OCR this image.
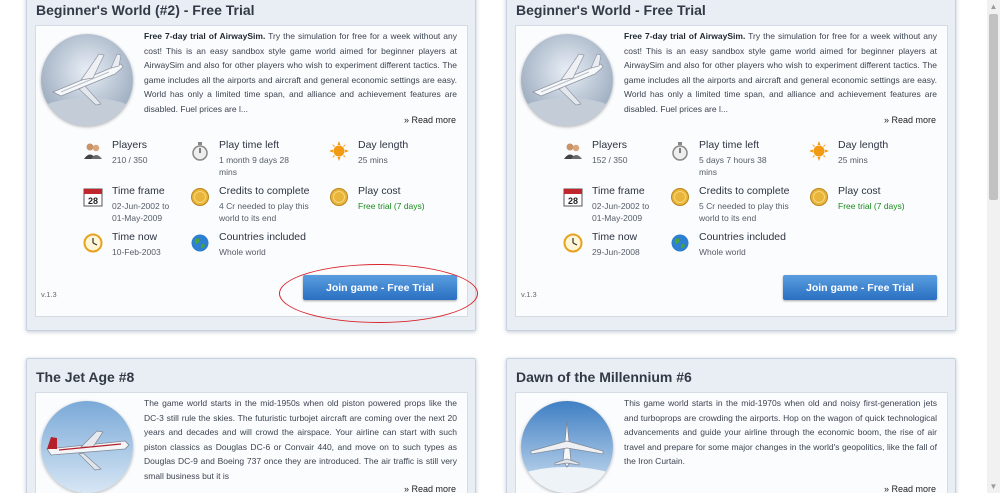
Beginner's World (#2) - Free Trial
Free 7-day trial of AirwaySim. Try the simulation for free for a week without any cost! This is an easy sandbox style game world aimed for beginner players at AirwaySim and also for other players who wish to experiment different tactics. The game includes all the airports and aircraft and general economic settings are easy. World has only a limited time span, and alliance and achievement features are disabled. Fuel prices are l...
» Read more
Players
210 / 350
Play time left
1 month 9 days 28 mins
Day length
25 mins
28
Time frame
02-Jun-2002 to 01-May-2009
Credits to complete
4 Cr needed to play this world to its end
Play cost
Free trial (7 days)
Time now
10-Feb-2003
Countries included
Whole world
v.1.3
Join game - Free Trial
Beginner's World - Free Trial
Free 7-day trial of AirwaySim. Try the simulation for free for a week without any cost! This is an easy sandbox style game world aimed for beginner players at AirwaySim and also for other players who wish to experiment different tactics. The game includes all the airports and aircraft and general economic settings are easy. World has only a limited time span, and alliance and achievement features are disabled. Fuel prices are l...
» Read more
Players
152 / 350
Play time left
5 days 7 hours 38 mins
Day length
25 mins
28
Time frame
02-Jun-2002 to 01-May-2009
Credits to complete
5 Cr needed to play this world to its end
Play cost
Free trial (7 days)
Time now
29-Jun-2008
Countries included
Whole world
v.1.3
Join game - Free Trial
The Jet Age #8
The game world starts in the mid-1950s when old piston powered props like the DC-3 still rule the skies. The futuristic turbojet aircraft are coming over the next 20 years and decades and will crowd the airspace. Your airline can start with such piston classics as Douglas DC-6 or Convair 440, and move on to such types as Douglas DC-9 and Boeing 737 once they are introduced. The air traffic is still very small business but it is
» Read more
Dawn of the Millennium #6
This game world starts in the mid-1970s when old and noisy first-generation jets and turboprops are crowding the airports. Hop on the wagon of quick technological advancements and guide your airline through the economic boom, the rise of air travel and prepare for some major changes in the world's geopolitics, like the fall of the Iron Curtain.
» Read more
▲
▼
